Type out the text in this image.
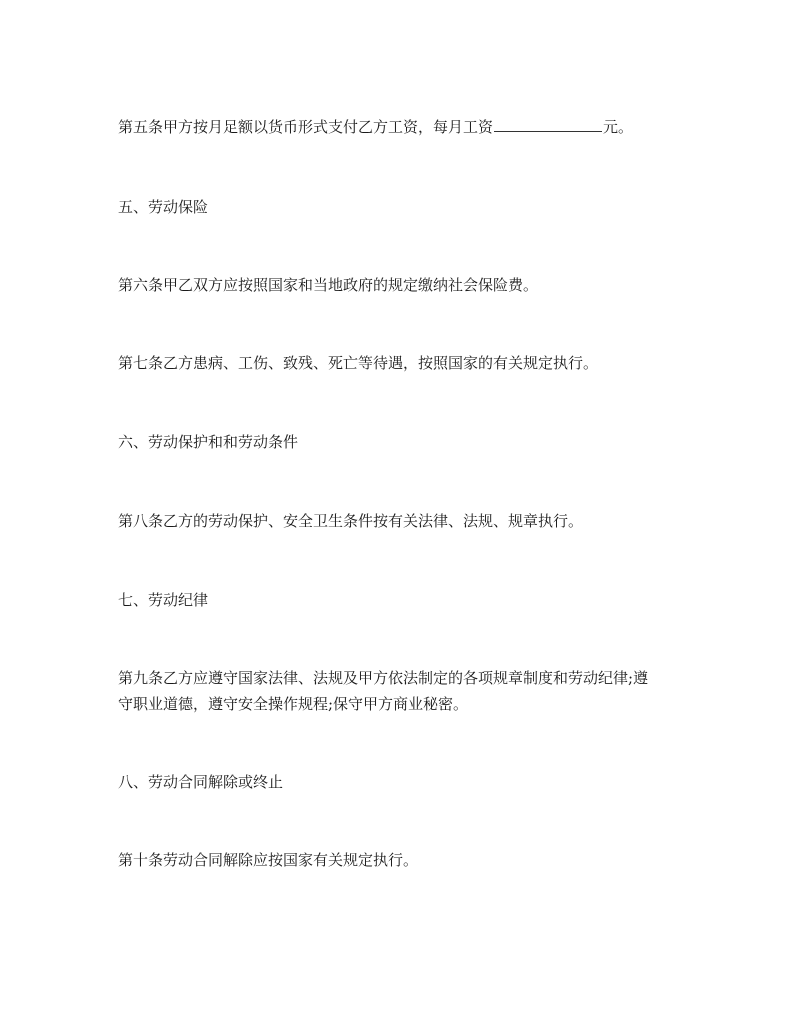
第五条甲方按月足额以货币形式支付乙方工资，每月工资	元。
五、劳动保险
第六条甲乙双方应按照国家和当地政府的规定缴纳社会保险费。
第七条乙方患病、工伤、致残、死亡等待遇，按照国家的有关规定执行。
六、劳动保护和和劳动条件
第八条乙方的劳动保护、安全卫生条件按有关法律、法规、规章执行。
七、劳动纪律
第九条乙方应遵守国家法律、法规及甲方依法制定的各项规章制度和劳动纪律;遵
守职业道德，遵守安全操作规程;保守甲方商业秘密。
八、劳动合同解除或终止
第十条劳动合同解除应按国家有关规定执行。
